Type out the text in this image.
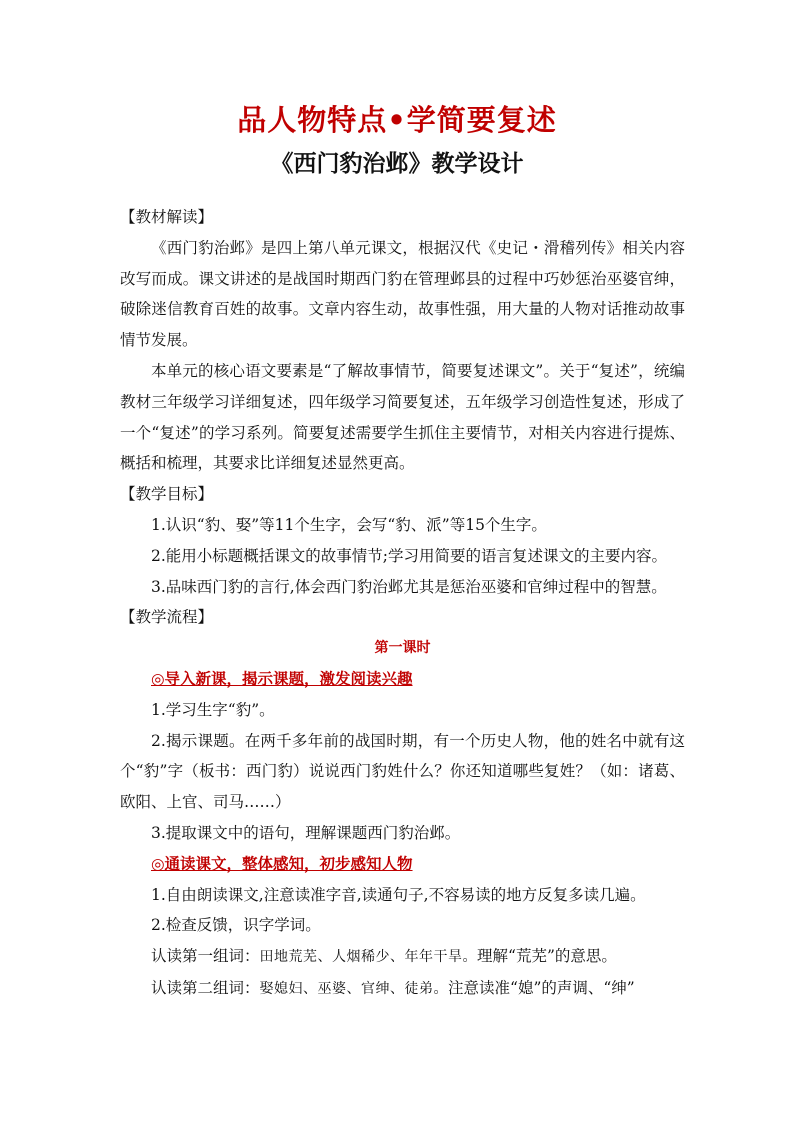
品人物特点•学简要复述
《西门豹治邺》教学设计

【教材解读】

《西门豹治邺》是四上第八单元课文，根据汉代《史记・滑稽列传》相关内容改写而成。课文讲述的是战国时期西门豹在管理邺县的过程中巧妙惩治巫婆官绅，破除迷信教育百姓的故事。文章内容生动，故事性强，用大量的人物对话推动故事情节发展。

本单元的核心语文要素是“了解故事情节，简要复述课文”。关于“复述”，统编教材三年级学习详细复述，四年级学习简要复述，五年级学习创造性复述，形成了一个“复述”的学习系列。简要复述需要学生抓住主要情节，对相关内容进行提炼、概括和梳理，其要求比详细复述显然更高。

【教学目标】

1.认识“豹、娶”等11个生字，会写“豹、派”等15个生字。

2.能用小标题概括课文的故事情节;学习用简要的语言复述课文的主要内容。

3.品味西门豹的言行,体会西门豹治邺尤其是惩治巫婆和官绅过程中的智慧。

【教学流程】

第一课时

◎导入新课，揭示课题，激发阅读兴趣

1.学习生字“豹”。

2.揭示课题。在两千多年前的战国时期，有一个历史人物，他的姓名中就有这个“豹”字（板书：西门豹）说说西门豹姓什么？你还知道哪些复姓？（如：诸葛、欧阳、上官、司马……）

3.提取课文中的语句，理解课题西门豹治邺。

◎通读课文，整体感知，初步感知人物

1.自由朗读课文,注意读准字音,读通句子,不容易读的地方反复多读几遍。

2.检查反馈，识字学词。

认读第一组词：田地荒芜、人烟稀少、年年干旱。理解“荒芜”的意思。

认读第二组词：娶媳妇、巫婆、官绅、徒弟。注意读准“媳”的声调、“绅”
